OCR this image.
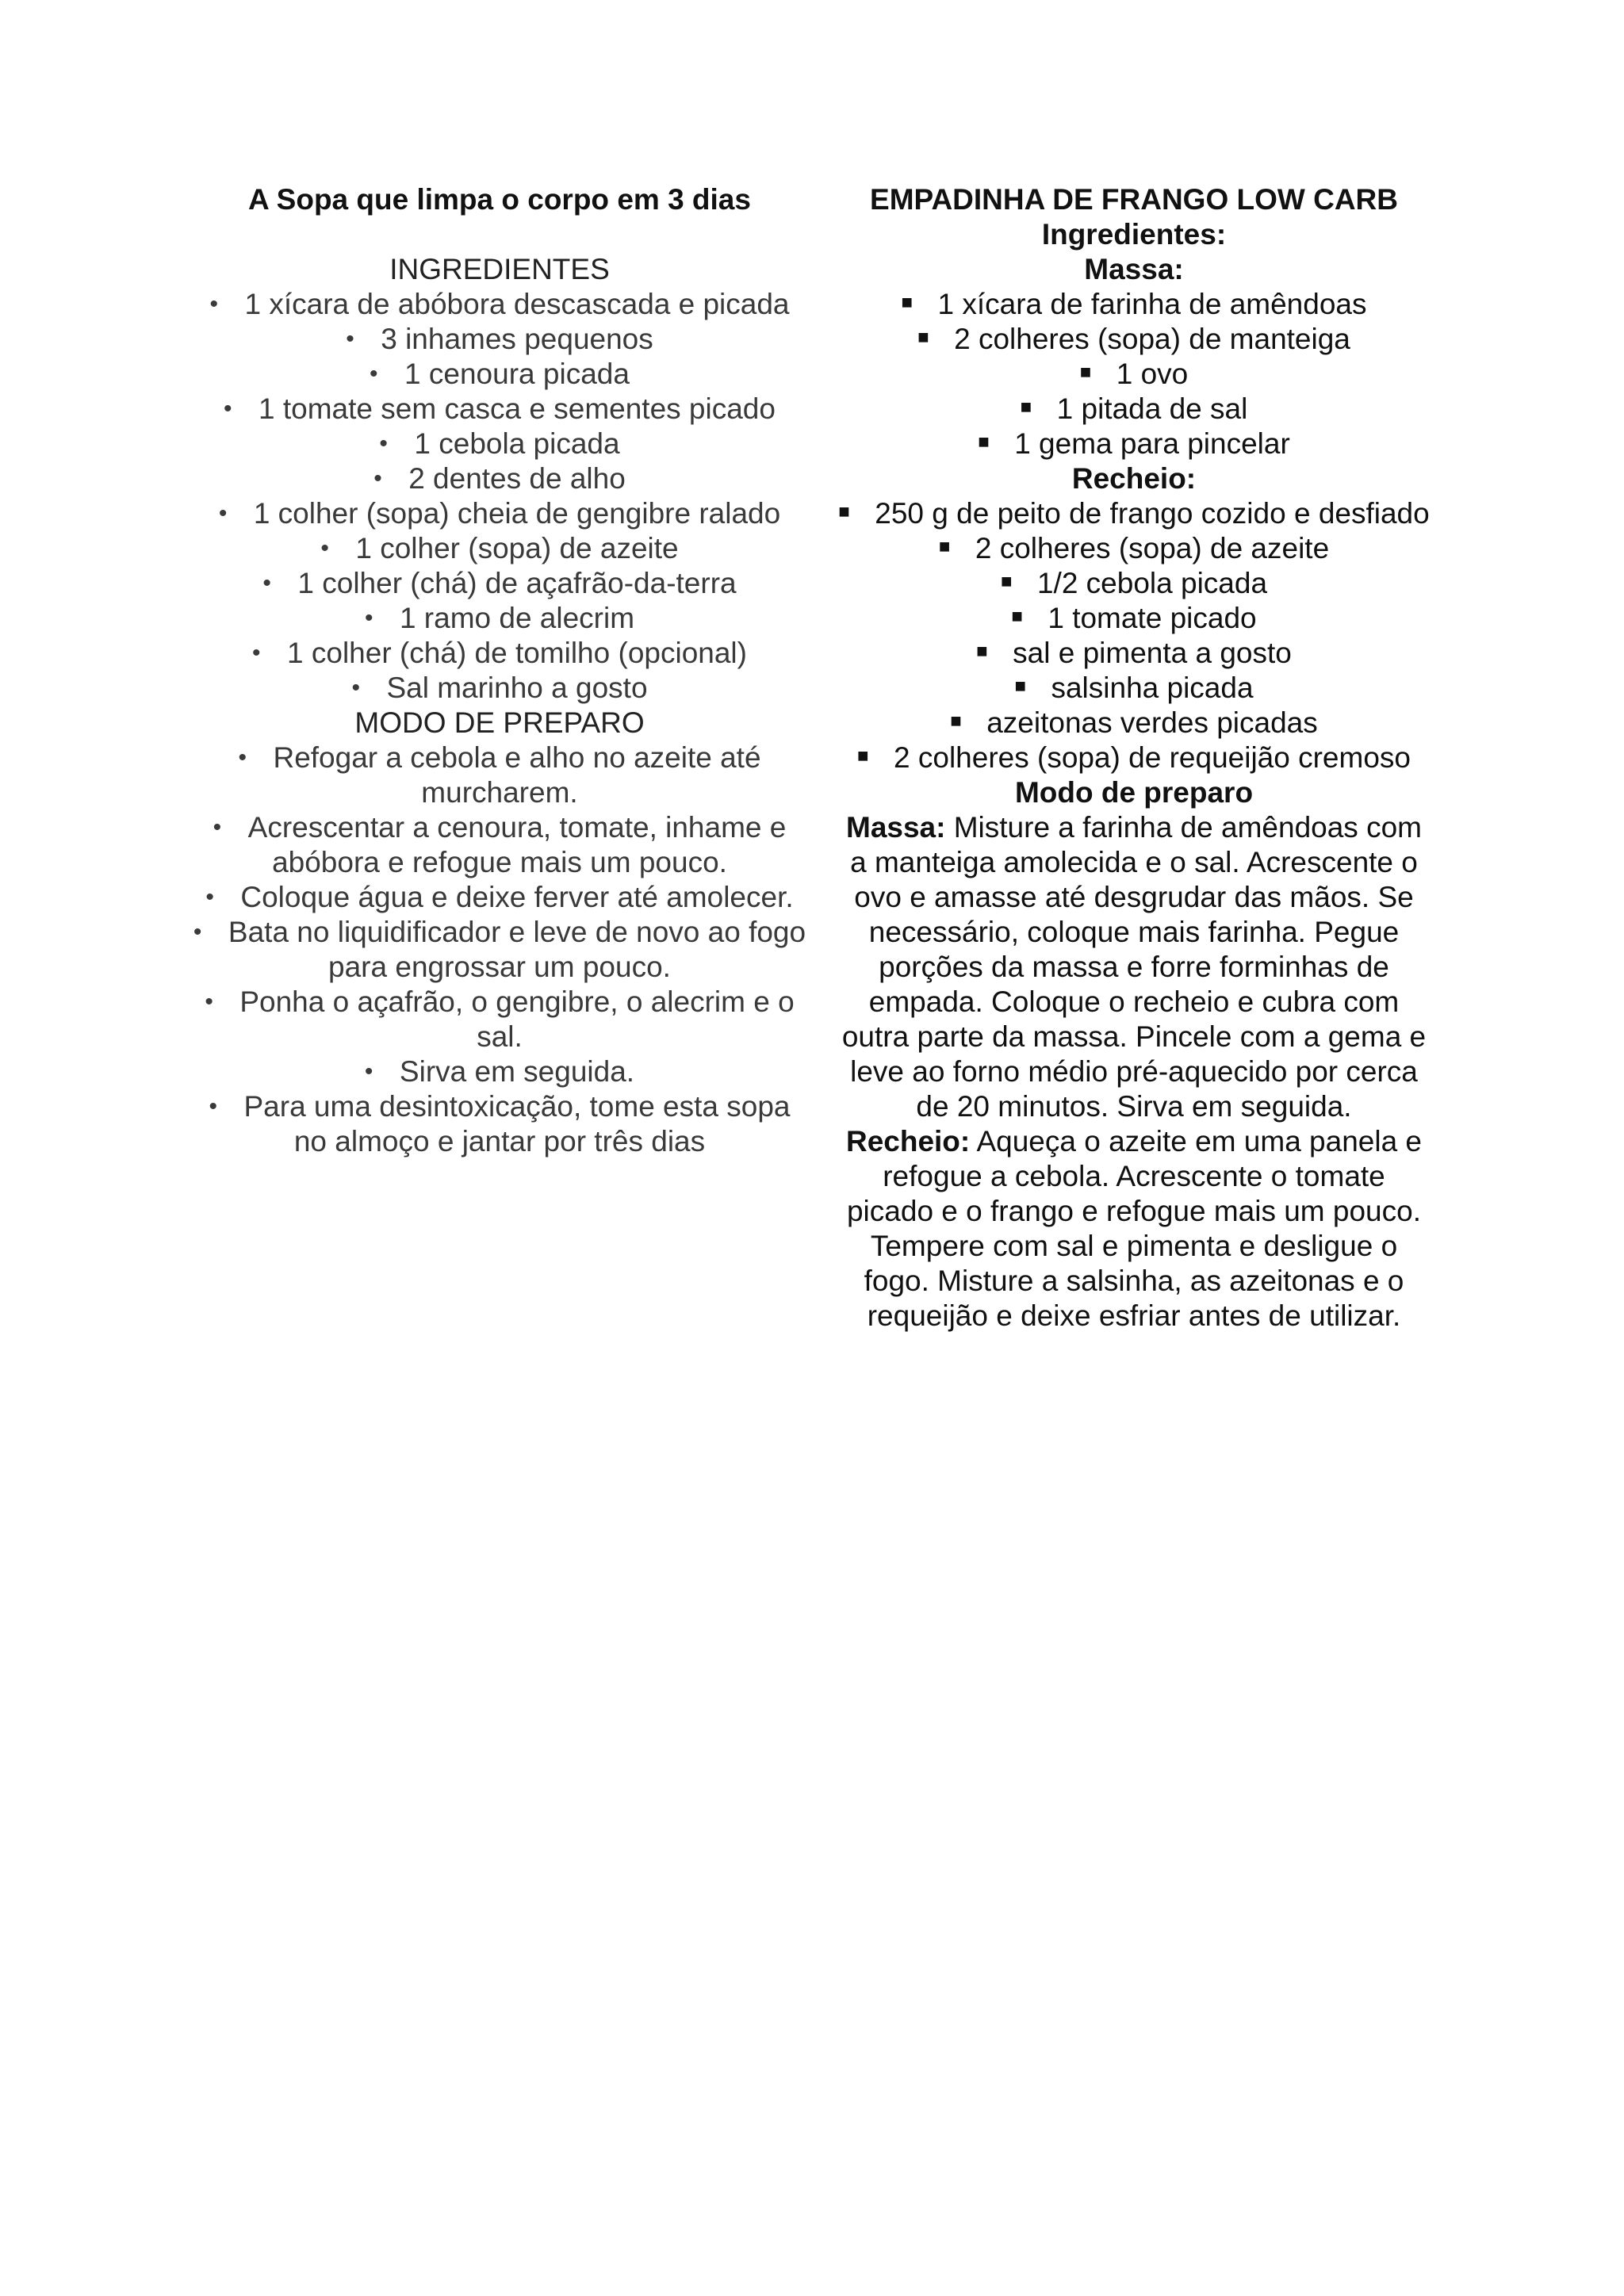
A Sopa que limpa o corpo em 3 dias

INGREDIENTES

• 1 xícara de abóbora descascada e picada
• 3 inhames pequenos
• 1 cenoura picada
• 1 tomate sem casca e sementes picado
• 1 cebola picada
• 2 dentes de alho
• 1 colher (sopa) cheia de gengibre ralado
• 1 colher (sopa) de azeite
• 1 colher (chá) de açafrão-da-terra
• 1 ramo de alecrim
• 1 colher (chá) de tomilho (opcional)
• Sal marinho a gosto

MODO DE PREPARO

• Refogar a cebola e alho no azeite até murcharem.
• Acrescentar a cenoura, tomate, inhame e abóbora e refogue mais um pouco.
• Coloque água e deixe ferver até amolecer.
• Bata no liquidificador e leve de novo ao fogo para engrossar um pouco.
• Ponha o açafrão, o gengibre, o alecrim e o sal.
• Sirva em seguida.
• Para uma desintoxicação, tome esta sopa no almoço e jantar por três dias

EMPADINHA DE FRANGO LOW CARB

Ingredientes:

Massa:

■ 1 xícara de farinha de amêndoas
■ 2 colheres (sopa) de manteiga
■ 1 ovo
■ 1 pitada de sal
■ 1 gema para pincelar

Recheio:

■ 250 g de peito de frango cozido e desfiado
■ 2 colheres (sopa) de azeite
■ 1/2 cebola picada
■ 1 tomate picado
■ sal e pimenta a gosto
■ salsinha picada
■ azeitonas verdes picadas
■ 2 colheres (sopa) de requeijão cremoso

Modo de preparo

Massa: Misture a farinha de amêndoas com a manteiga amolecida e o sal. Acrescente o ovo e amasse até desgrudar das mãos. Se necessário, coloque mais farinha. Pegue porções da massa e forre forminhas de empada. Coloque o recheio e cubra com outra parte da massa. Pincele com a gema e leve ao forno médio pré-aquecido por cerca de 20 minutos. Sirva em seguida.

Recheio: Aqueça o azeite em uma panela e refogue a cebola. Acrescente o tomate picado e o frango e refogue mais um pouco. Tempere com sal e pimenta e desligue o fogo. Misture a salsinha, as azeitonas e o requeijão e deixe esfriar antes de utilizar.
